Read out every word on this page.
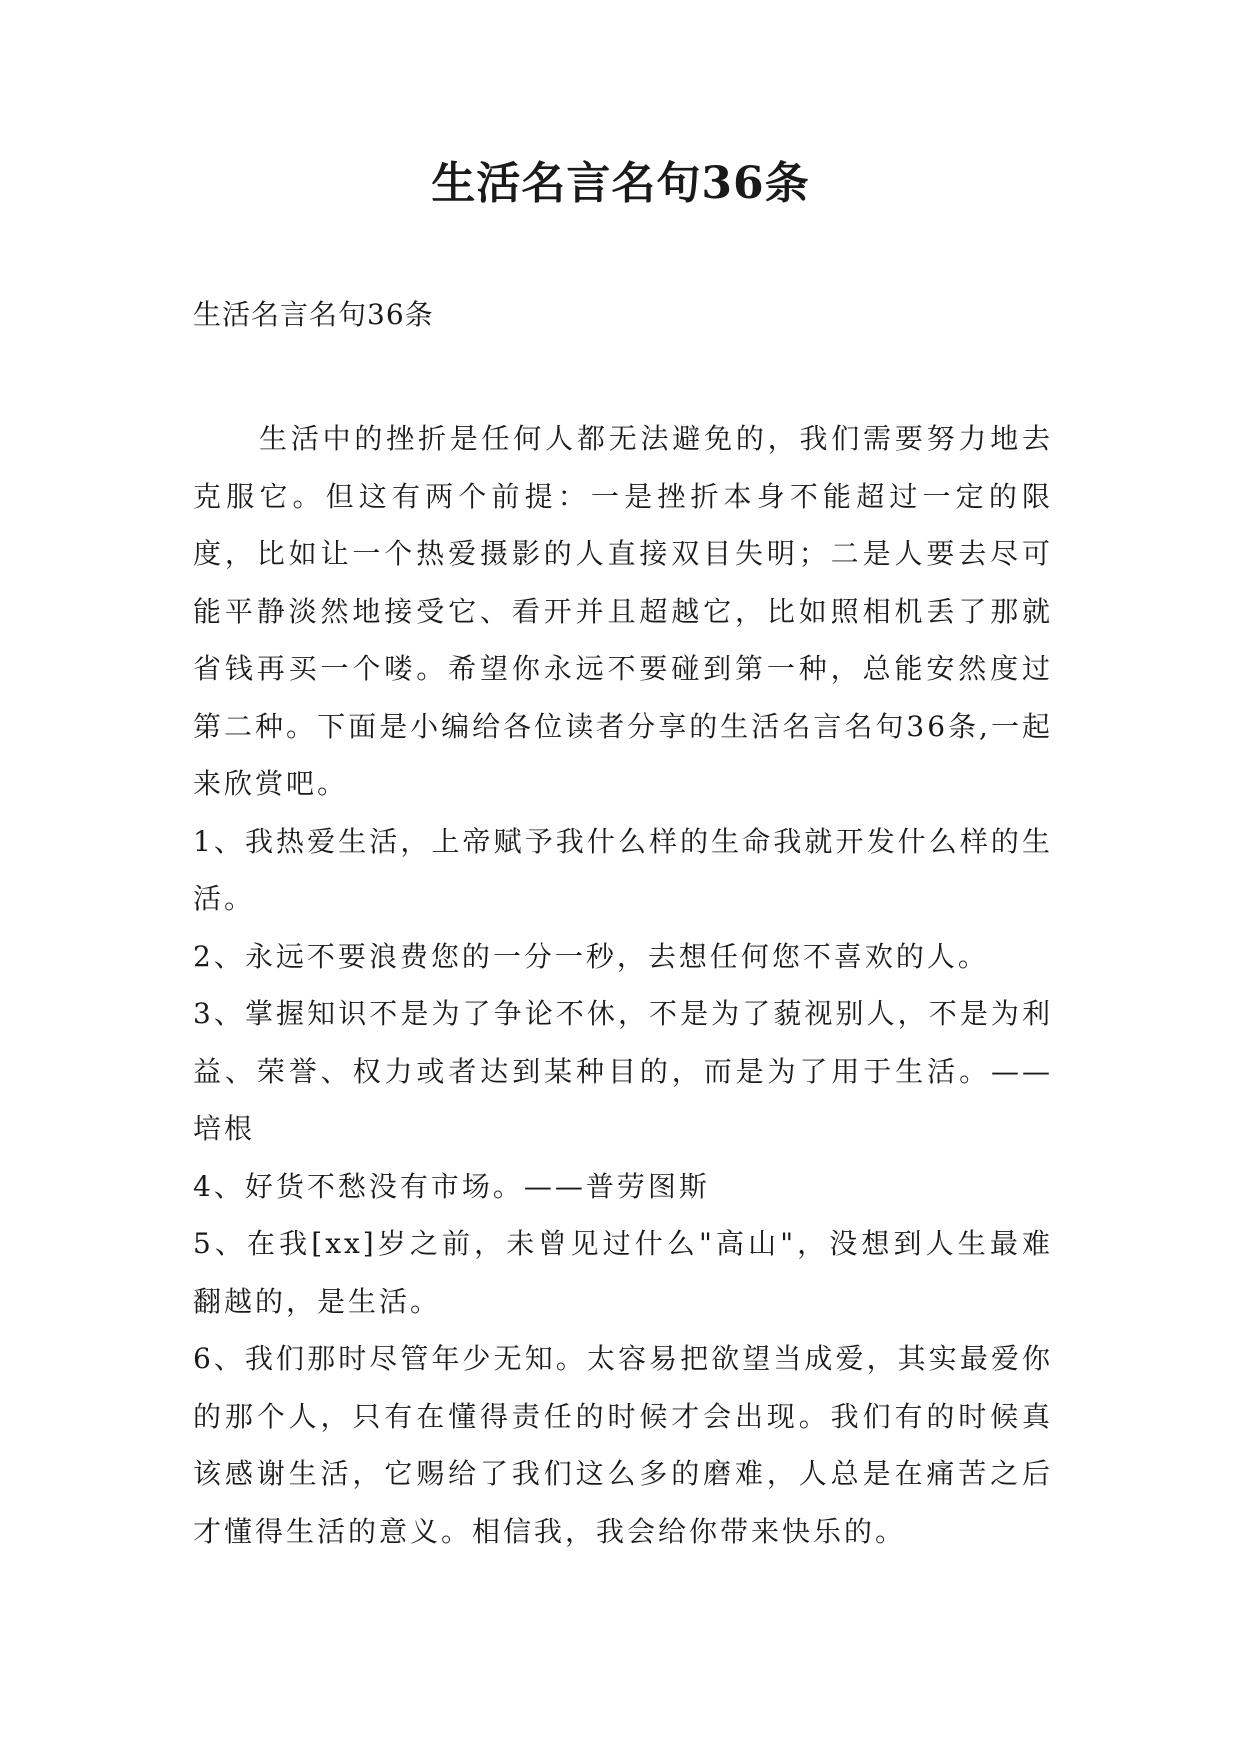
生活名言名句36条

生活名言名句36条

生活中的挫折是任何人都无法避免的，我们需要努力地去克服它。但这有两个前提：一是挫折本身不能超过一定的限度，比如让一个热爱摄影的人直接双目失明；二是人要去尽可能平静淡然地接受它、看开并且超越它，比如照相机丢了那就省钱再买一个喽。希望你永远不要碰到第一种，总能安然度过第二种。下面是小编给各位读者分享的生活名言名句36条,一起来欣赏吧。

1、我热爱生活，上帝赋予我什么样的生命我就开发什么样的生活。

2、永远不要浪费您的一分一秒，去想任何您不喜欢的人。

3、掌握知识不是为了争论不休，不是为了藐视别人，不是为利益、荣誉、权力或者达到某种目的，而是为了用于生活。—— 培根

4、好货不愁没有市场。——普劳图斯

5、在我[xx]岁之前，未曾见过什么"高山"，没想到人生最难翻越的，是生活。

6、我们那时尽管年少无知。太容易把欲望当成爱，其实最爱你的那个人，只有在懂得责任的时候才会出现。我们有的时候真该感谢生活，它赐给了我们这么多的磨难，人总是在痛苦之后才懂得生活的意义。相信我，我会给你带来快乐的。
